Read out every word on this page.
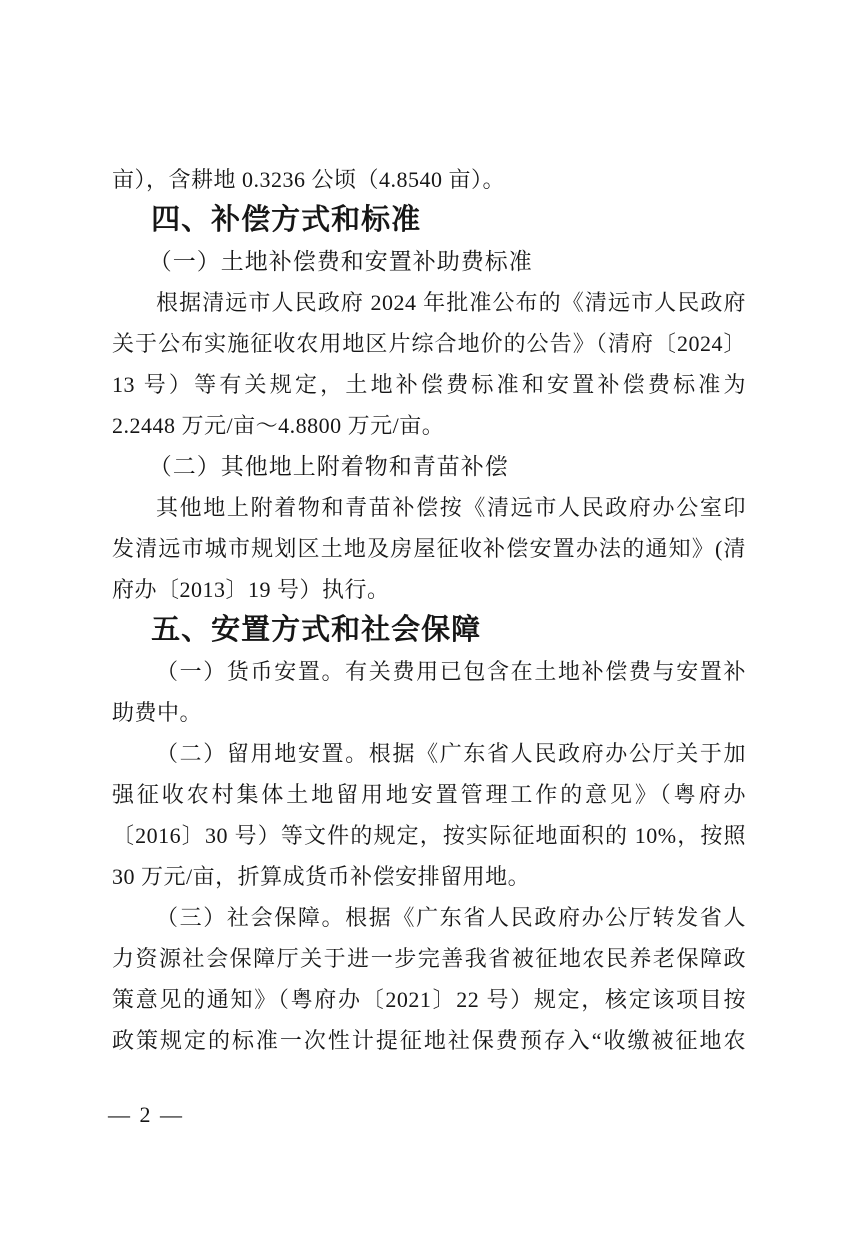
亩），含耕地 0.3236 公顷（4.8540 亩）。
四、补偿方式和标准
（一）土地补偿费和安置补助费标准
根据清远市人民政府 2024 年批准公布的《清远市人民政府
关于公布实施征收农用地区片综合地价的公告》（清府〔2024〕
13 号）等有关规定，土地补偿费标准和安置补偿费标准为
2.2448 万元/亩～4.8800 万元/亩。
（二）其他地上附着物和青苗补偿
其他地上附着物和青苗补偿按《清远市人民政府办公室印
发清远市城市规划区土地及房屋征收补偿安置办法的通知》(清
府办〔2013〕19 号）执行。
五、安置方式和社会保障
（一）货币安置。有关费用已包含在土地补偿费与安置补
助费中。
（二）留用地安置。根据《广东省人民政府办公厅关于加
强征收农村集体土地留用地安置管理工作的意见》（粤府办
〔2016〕30 号）等文件的规定，按实际征地面积的 10%，按照
30 万元/亩，折算成货币补偿安排留用地。
（三）社会保障。根据《广东省人民政府办公厅转发省人
力资源社会保障厅关于进一步完善我省被征地农民养老保障政
策意见的通知》（粤府办〔2021〕22 号）规定，核定该项目按
政策规定的标准一次性计提征地社保费预存入“收缴被征地农
— 2 —
